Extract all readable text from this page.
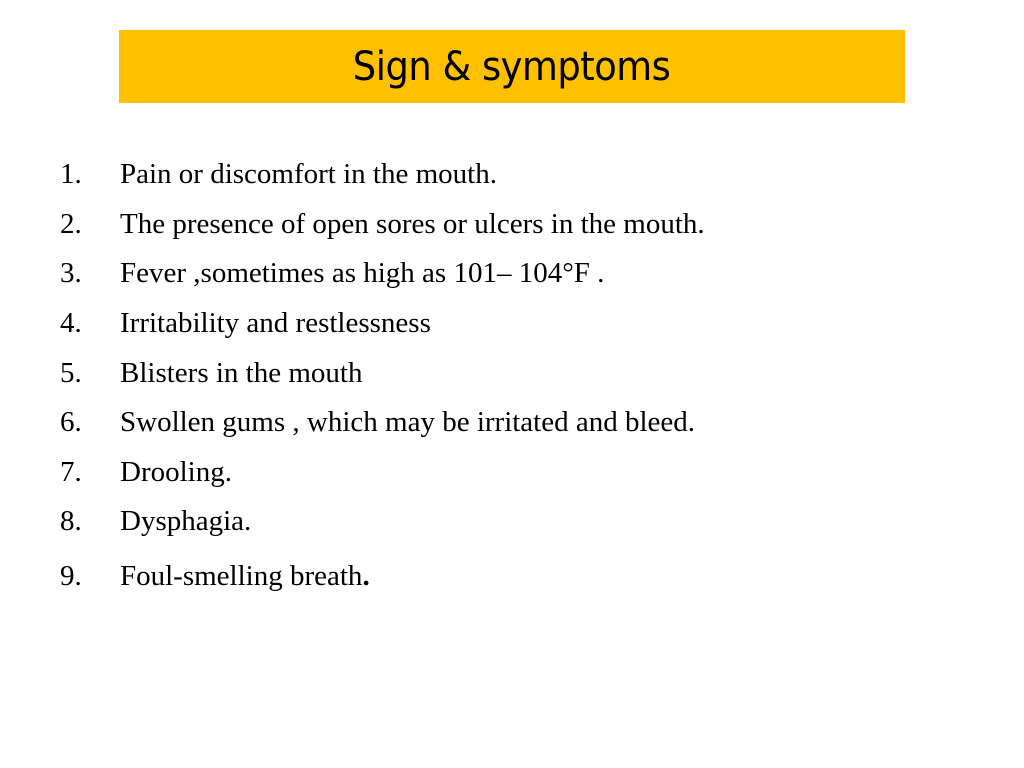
Sign & symptoms
1.	Pain or discomfort in the mouth.
2.	The presence of open sores or ulcers in the mouth.
3.	Fever ,sometimes as high as 101– 104°F .
4.	Irritability and restlessness
5.	Blisters in the mouth
6.	Swollen gums , which may be irritated and bleed.
7.	Drooling.
8.	Dysphagia.
9.	Foul-smelling breath.
